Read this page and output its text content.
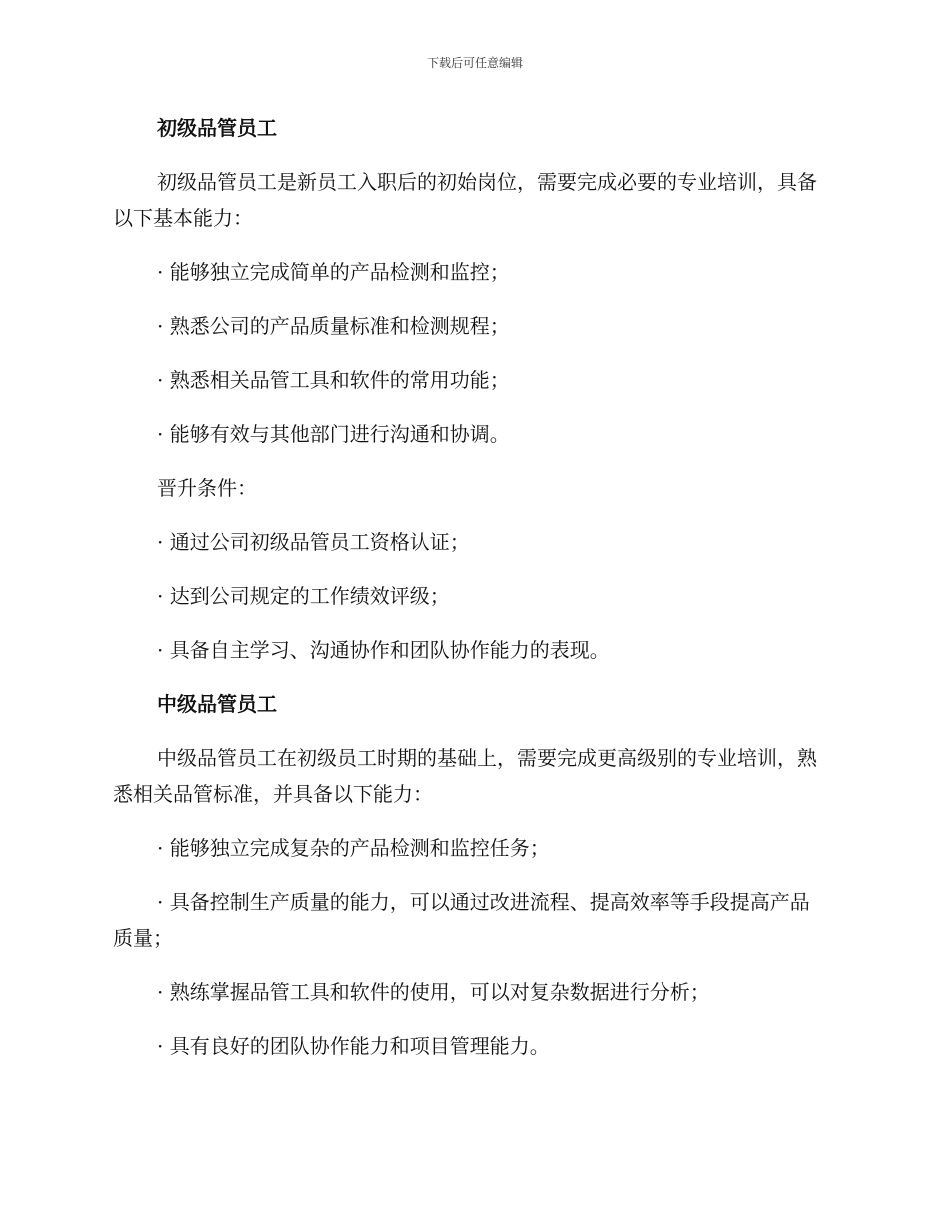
下载后可任意编辑

初级品管员工

初级品管员工是新员工入职后的初始岗位，需要完成必要的专业培训，具备以下基本能力：

· 能够独立完成简单的产品检测和监控；

· 熟悉公司的产品质量标准和检测规程；

· 熟悉相关品管工具和软件的常用功能；

· 能够有效与其他部门进行沟通和协调。

晋升条件：

· 通过公司初级品管员工资格认证；

· 达到公司规定的工作绩效评级；

· 具备自主学习、沟通协作和团队协作能力的表现。

中级品管员工

中级品管员工在初级员工时期的基础上，需要完成更高级别的专业培训，熟悉相关品管标准，并具备以下能力：

· 能够独立完成复杂的产品检测和监控任务；

· 具备控制生产质量的能力，可以通过改进流程、提高效率等手段提高产品质量；

· 熟练掌握品管工具和软件的使用，可以对复杂数据进行分析；

· 具有良好的团队协作能力和项目管理能力。
